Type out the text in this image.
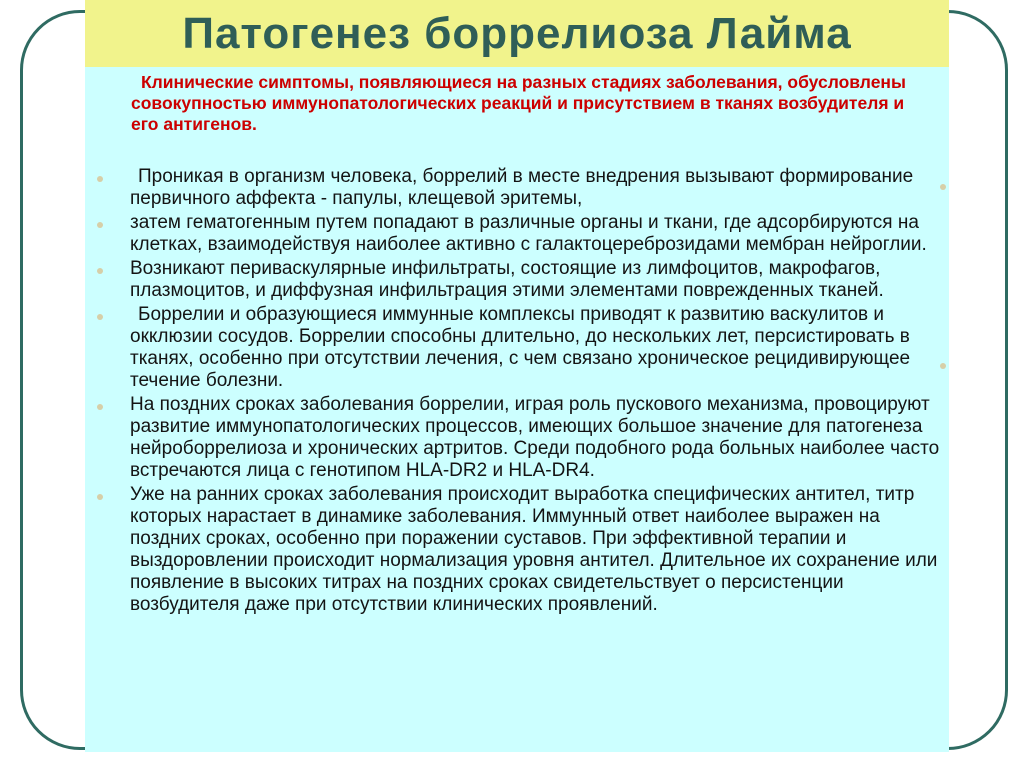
Патогенез боррелиоза Лайма

Клинические симптомы, появляющиеся на разных стадиях заболевания, обусловлены совокупностью иммунопатологических реакций и присутствием в тканях возбудителя и его антигенов.

Проникая в организм человека, боррелий в месте внедрения вызывают формирование первичного аффекта - папулы, клещевой эритемы,
затем гематогенным путем попадают в различные органы и ткани, где адсорбируются на клетках, взаимодействуя наиболее активно с галактоцереброзидами мембран нейроглии.
Возникают периваскулярные инфильтраты, состоящие из лимфоцитов, макрофагов, плазмоцитов, и диффузная инфильтрация этими элементами поврежденных тканей.
Боррелии и образующиеся иммунные комплексы приводят к развитию васкулитов и окклюзии сосудов. Боррелии способны длительно, до нескольких лет, персистировать в тканях, особенно при отсутствии лечения, с чем связано хроническое рецидивирующее течение болезни.
На поздних сроках заболевания боррелии, играя роль пускового механизма, провоцируют развитие иммунопатологических процессов, имеющих большое значение для патогенеза нейроборрелиоза и хронических артритов. Среди подобного рода больных наиболее часто встречаются лица с генотипом HLA-DR2 и HLA-DR4.
Уже на ранних сроках заболевания происходит выработка специфических антител, титр которых нарастает в динамике заболевания. Иммунный ответ наиболее выражен на поздних сроках, особенно при поражении суставов. При эффективной терапии и выздоровлении происходит нормализация уровня антител. Длительное их сохранение или появление в высоких титрах на поздних сроках свидетельствует о персистенции возбудителя даже при отсутствии клинических проявлений.
